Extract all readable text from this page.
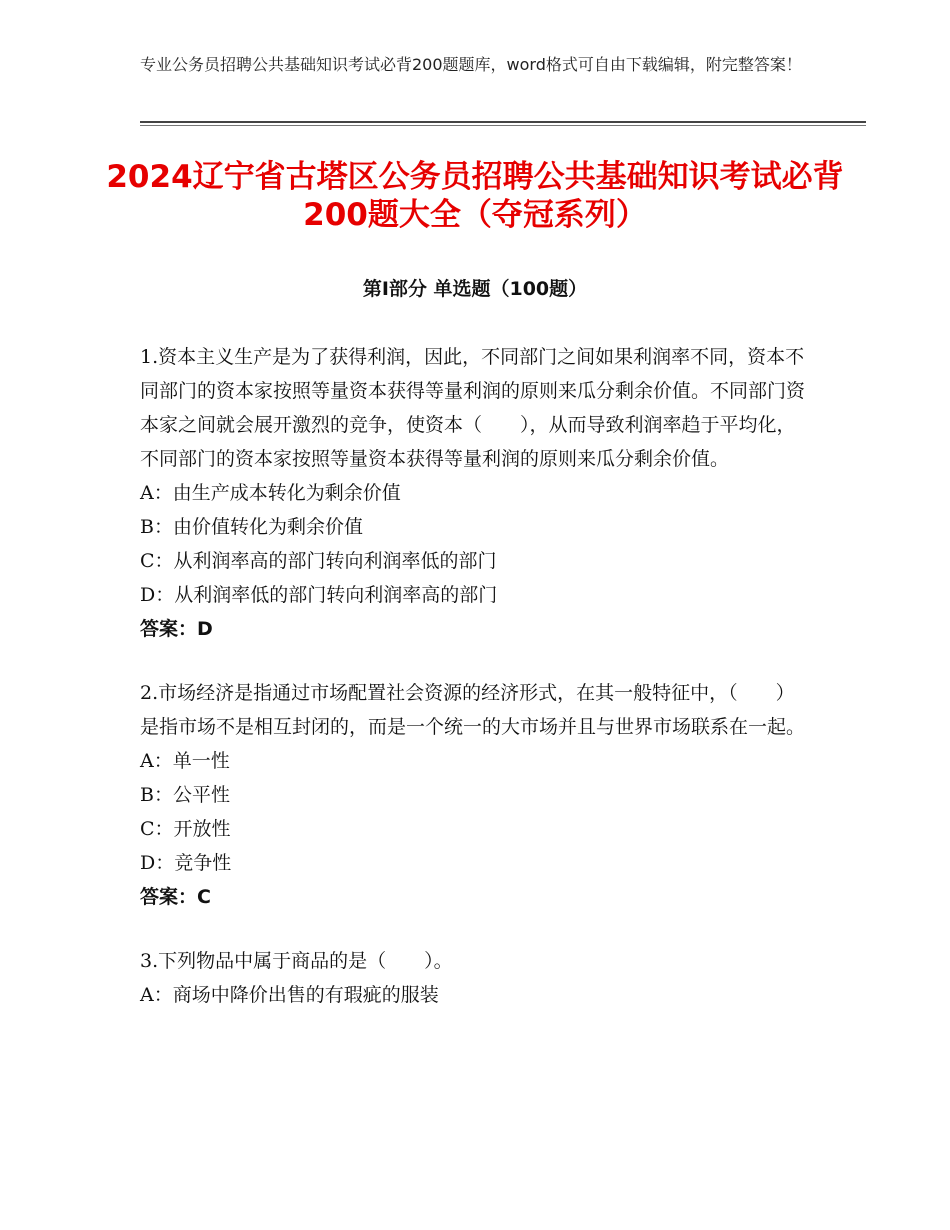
专业公务员招聘公共基础知识考试必背200题题库，word格式可自由下载编辑，附完整答案！
2024辽宁省古塔区公务员招聘公共基础知识考试必背200题大全（夺冠系列）
第Ⅰ部分 单选题（100题）
1.资本主义生产是为了获得利润，因此，不同部门之间如果利润率不同，资本不同部门的资本家按照等量资本获得等量利润的原则来瓜分剩余价值。不同部门资本家之间就会展开激烈的竞争，使资本（　　），从而导致利润率趋于平均化，不同部门的资本家按照等量资本获得等量利润的原则来瓜分剩余价值。
A：由生产成本转化为剩余价值
B：由价值转化为剩余价值
C：从利润率高的部门转向利润率低的部门
D：从利润率低的部门转向利润率高的部门
答案：D
2.市场经济是指通过市场配置社会资源的经济形式，在其一般特征中，（　　）是指市场不是相互封闭的，而是一个统一的大市场并且与世界市场联系在一起。
A：单一性
B：公平性
C：开放性
D：竞争性
答案：C
3.下列物品中属于商品的是（　　）。
A：商场中降价出售的有瑕疵的服装
